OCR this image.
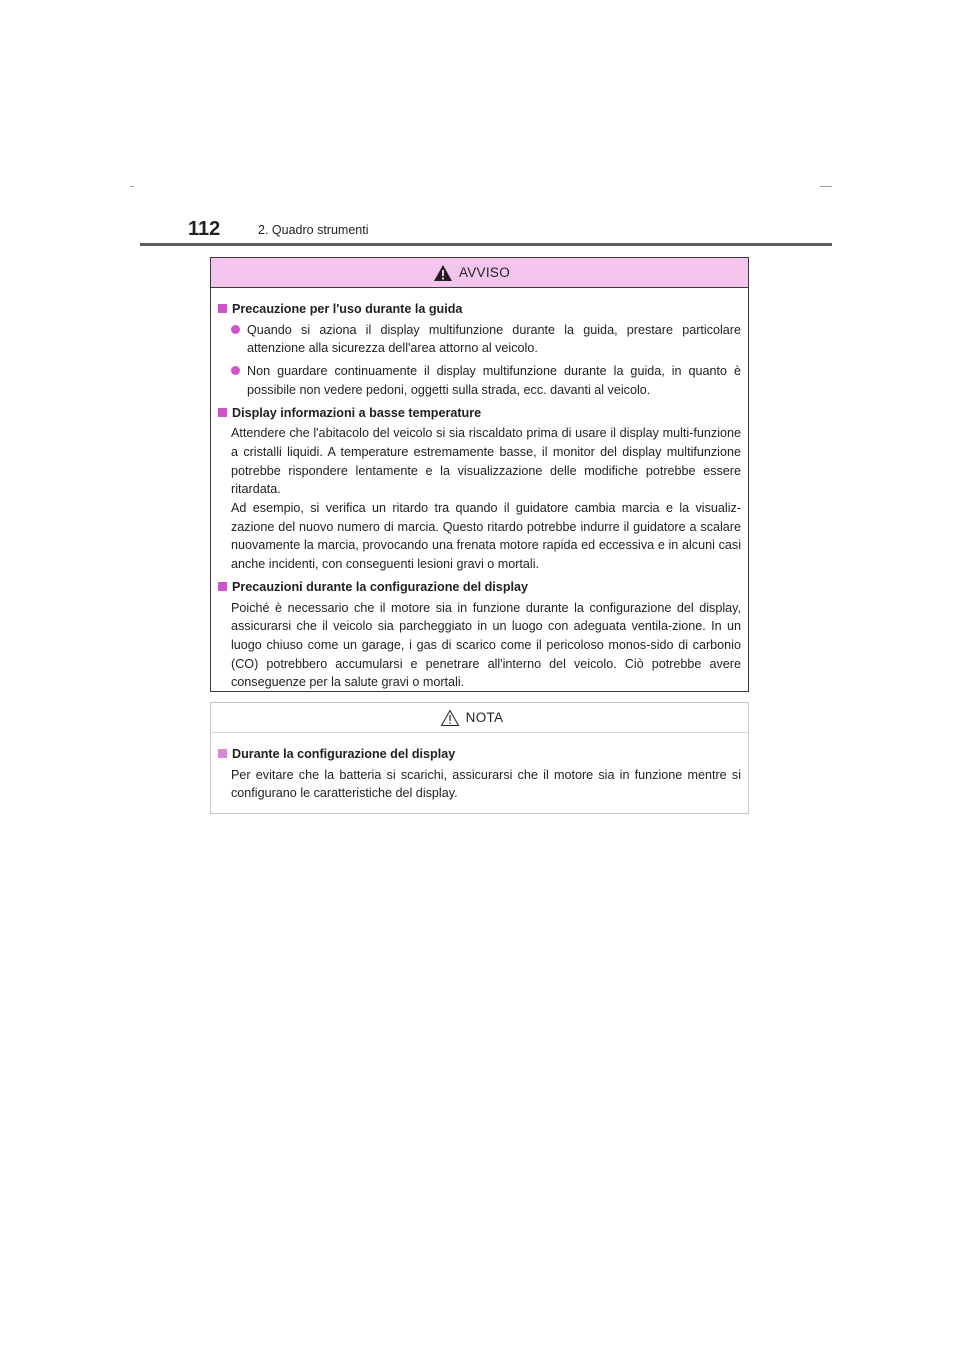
112	2. Quadro strumenti
AVVISO
Precauzione per l'uso durante la guida
Quando si aziona il display multifunzione durante la guida, prestare particolare attenzione alla sicurezza dell'area attorno al veicolo.
Non guardare continuamente il display multifunzione durante la guida, in quanto è possibile non vedere pedoni, oggetti sulla strada, ecc. davanti al veicolo.
Display informazioni a basse temperature
Attendere che l'abitacolo del veicolo si sia riscaldato prima di usare il display multi-funzione a cristalli liquidi. A temperature estremamente basse, il monitor del display multifunzione potrebbe rispondere lentamente e la visualizzazione delle modifiche potrebbe essere ritardata.
Ad esempio, si verifica un ritardo tra quando il guidatore cambia marcia e la visualiz-zazione del nuovo numero di marcia. Questo ritardo potrebbe indurre il guidatore a scalare nuovamente la marcia, provocando una frenata motore rapida ed eccessiva e in alcuni casi anche incidenti, con conseguenti lesioni gravi o mortali.
Precauzioni durante la configurazione del display
Poiché è necessario che il motore sia in funzione durante la configurazione del display, assicurarsi che il veicolo sia parcheggiato in un luogo con adeguata ventila-zione. In un luogo chiuso come un garage, i gas di scarico come il pericoloso monos-sido di carbonio (CO) potrebbero accumularsi e penetrare all'interno del veicolo. Ciò potrebbe avere conseguenze per la salute gravi o mortali.
NOTA
Durante la configurazione del display
Per evitare che la batteria si scarichi, assicurarsi che il motore sia in funzione mentre si configurano le caratteristiche del display.
